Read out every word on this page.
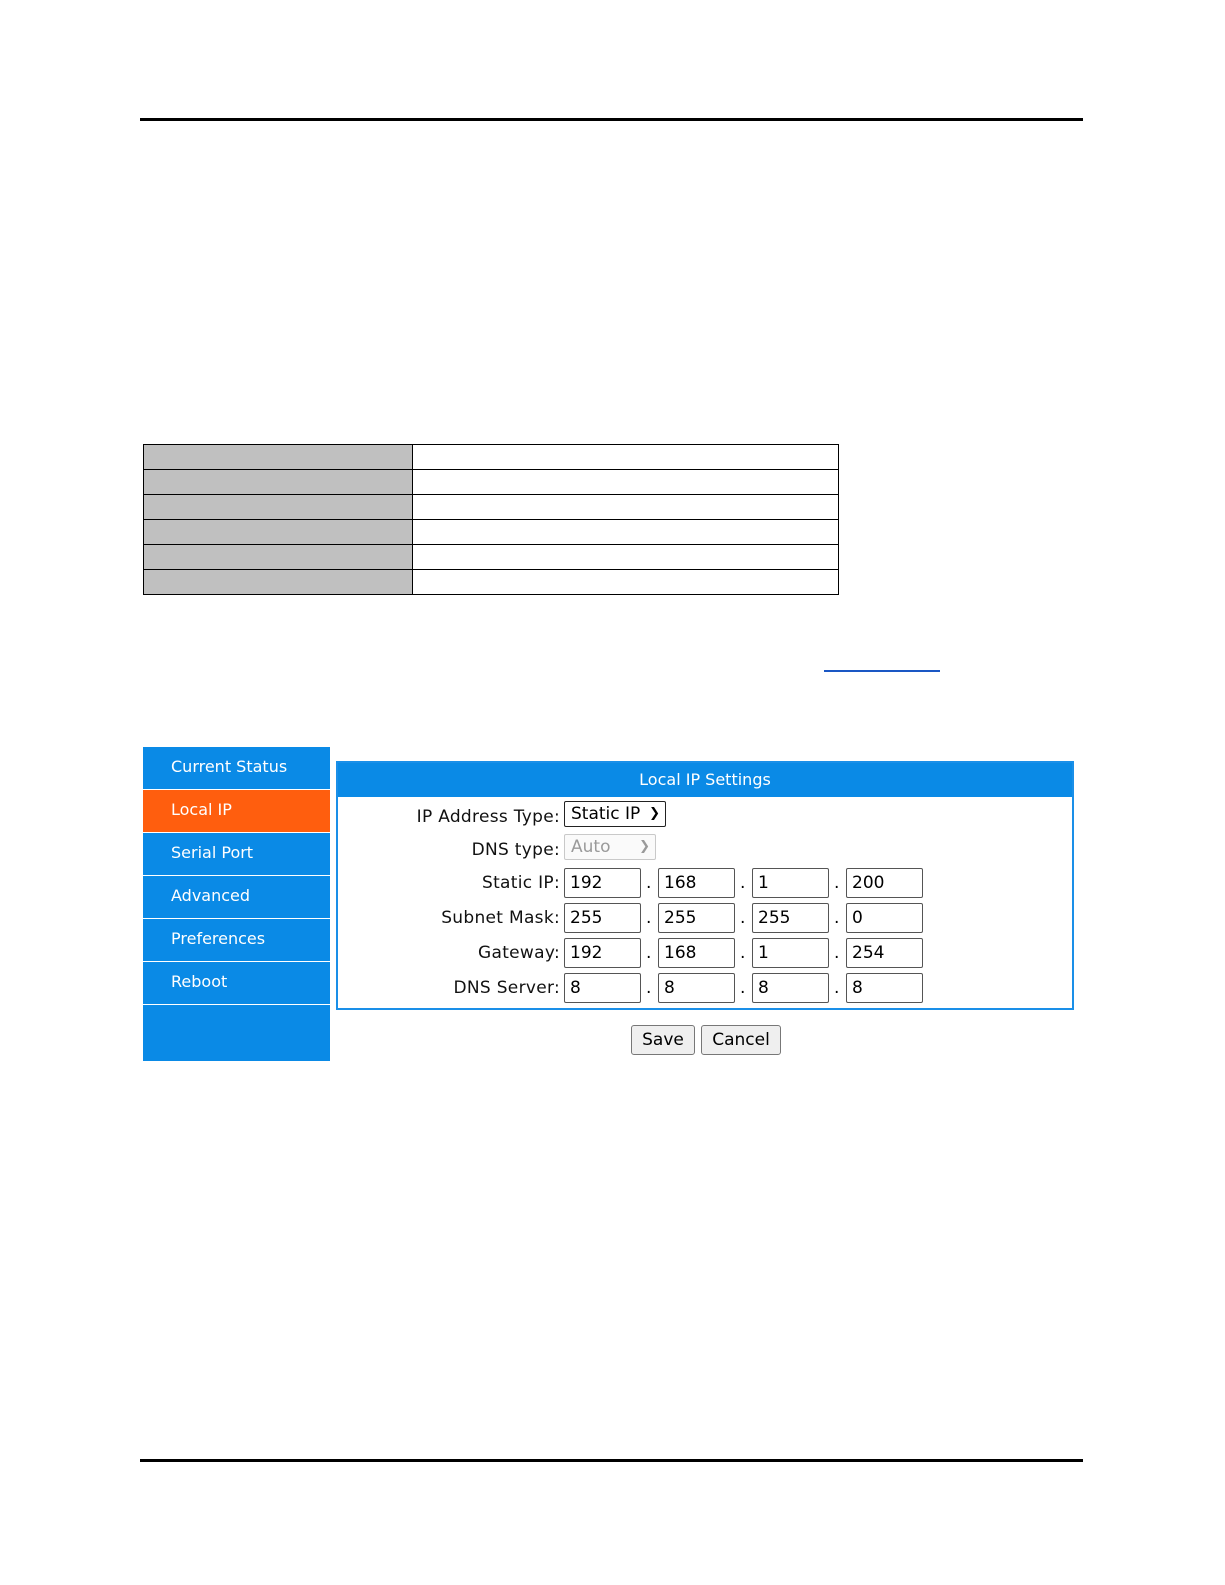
Current Status
Local IP
Serial Port
Advanced
Preferences
Reboot
Local IP Settings
IP Address Type: Static IP ❯
DNS type: Auto ❯
Static IP: 192	. 168	. 1	. 200
Subnet Mask: 255	. 255	. 255	. 0
Gateway: 192	. 168	. 1	. 254
DNS Server: 8	. 8	. 8	. 8
Save	Cancel
